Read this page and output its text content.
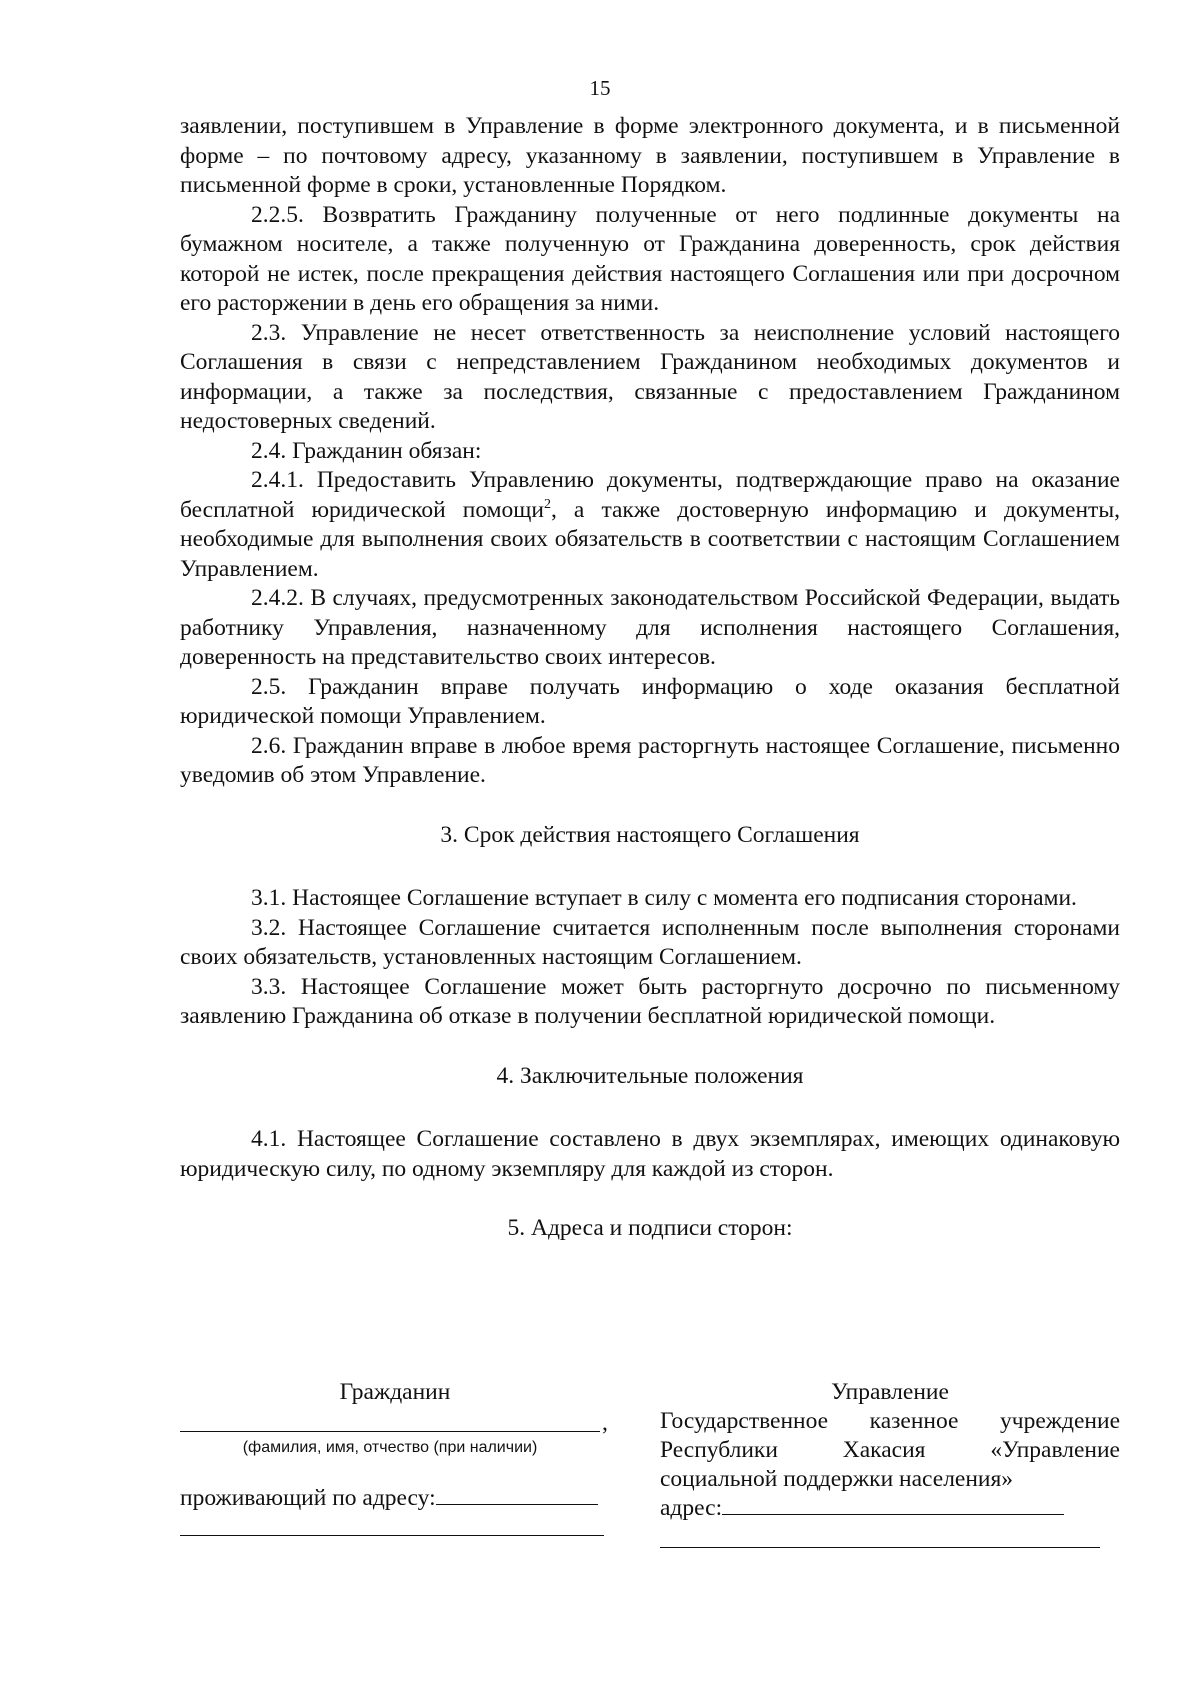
15

заявлении, поступившем в Управление в форме электронного документа, и в письменной форме – по почтовому адресу, указанному в заявлении, поступившем в Управление в письменной форме в сроки, установленные Порядком.

2.2.5. Возвратить Гражданину полученные от него подлинные документы на бумажном носителе, а также полученную от Гражданина доверенность, срок действия которой не истек, после прекращения действия настоящего Соглашения или при досрочном его расторжении в день его обращения за ними.

2.3. Управление не несет ответственность за неисполнение условий настоящего Соглашения в связи с непредставлением Гражданином необходимых документов и информации, а также за последствия, связанные с предоставлением Гражданином недостоверных сведений.

2.4. Гражданин обязан:

2.4.1. Предоставить Управлению документы, подтверждающие право на оказание бесплатной юридической помощи$^2$, а также достоверную информацию и документы, необходимые для выполнения своих обязательств в соответствии с настоящим Соглашением Управлением.

2.4.2. В случаях, предусмотренных законодательством Российской Федерации, выдать работнику Управления, назначенному для исполнения настоящего Соглашения, доверенность на представительство своих интересов.

2.5. Гражданин вправе получать информацию о ходе оказания бесплатной юридической помощи Управлением.

2.6. Гражданин вправе в любое время расторгнуть настоящее Соглашение, письменно уведомив об этом Управление.

3. Срок действия настоящего Соглашения

3.1. Настоящее Соглашение вступает в силу с момента его подписания сторонами.

3.2. Настоящее Соглашение считается исполненным после выполнения сторонами своих обязательств, установленных настоящим Соглашением.

3.3. Настоящее Соглашение может быть расторгнуто досрочно по письменному заявлению Гражданина об отказе в получении бесплатной юридической помощи.

4. Заключительные положения

4.1. Настоящее Соглашение составлено в двух экземплярах, имеющих одинаковую юридическую силу, по одному экземпляру для каждой из сторон.

5. Адреса и подписи сторон:

Гражданин

,
(фамилия, имя, отчество (при наличии)
проживающий по адресу:

Управление

Государственное казенное учреждение Республики Хакасия «Управление социальной поддержки населения»

адрес:
